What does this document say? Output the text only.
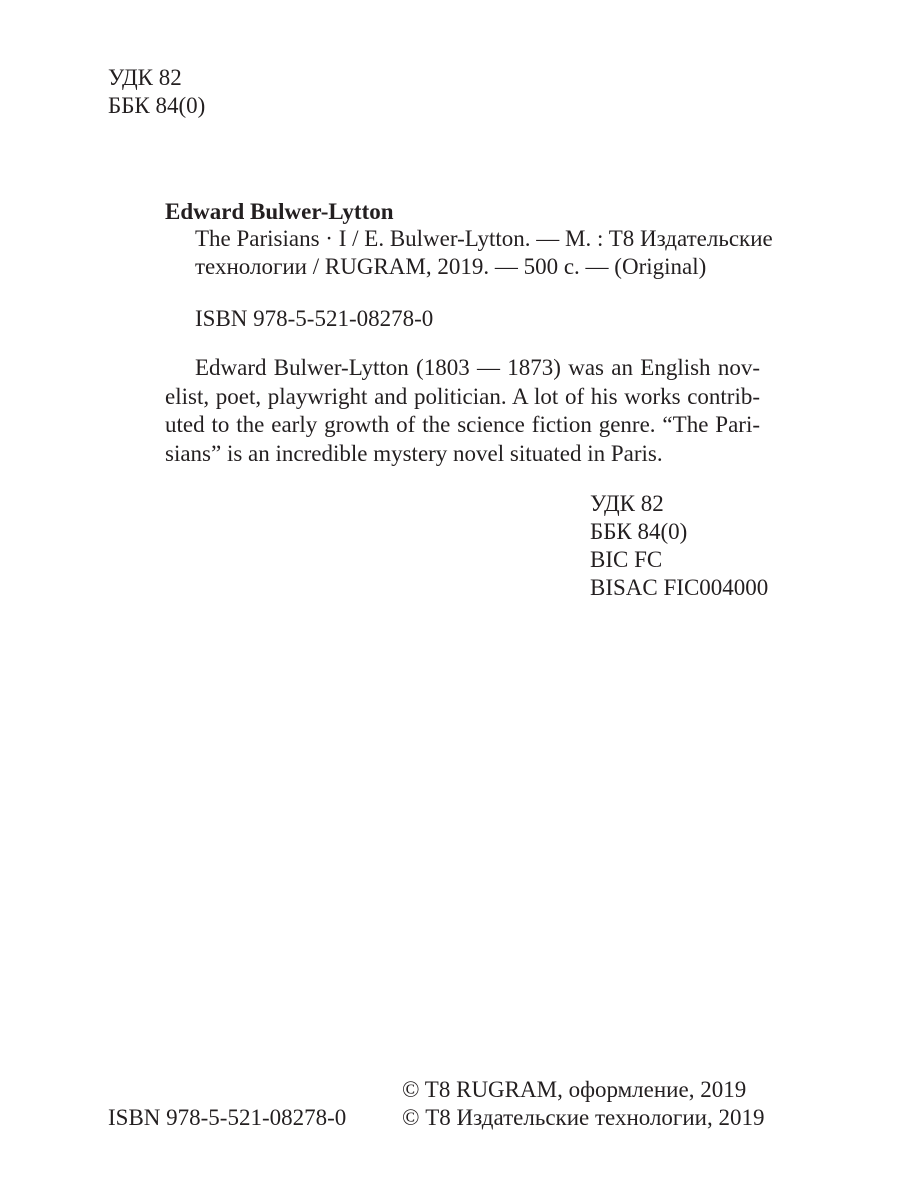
УДК 82
ББК 84(0)
Edward Bulwer-Lytton
The Parisians · I / E. Bulwer-Lytton. — M. : T8 Издательские
технологии / RUGRAM, 2019. — 500 c. — (Original)
ISBN 978-5-521-08278-0
Edward Bulwer-Lytton (1803 — 1873) was an English nov-
elist, poet, playwright and politician. A lot of his works contrib-
uted to the early growth of the science fiction genre. “The Pari-
sians” is an incredible mystery novel situated in Paris.
УДК 82
ББК 84(0)
BIC FC
BISAC FIC004000
© T8 RUGRAM, оформление, 2019
© Т8 Издательские технологии, 2019
ISBN 978-5-521-08278-0
